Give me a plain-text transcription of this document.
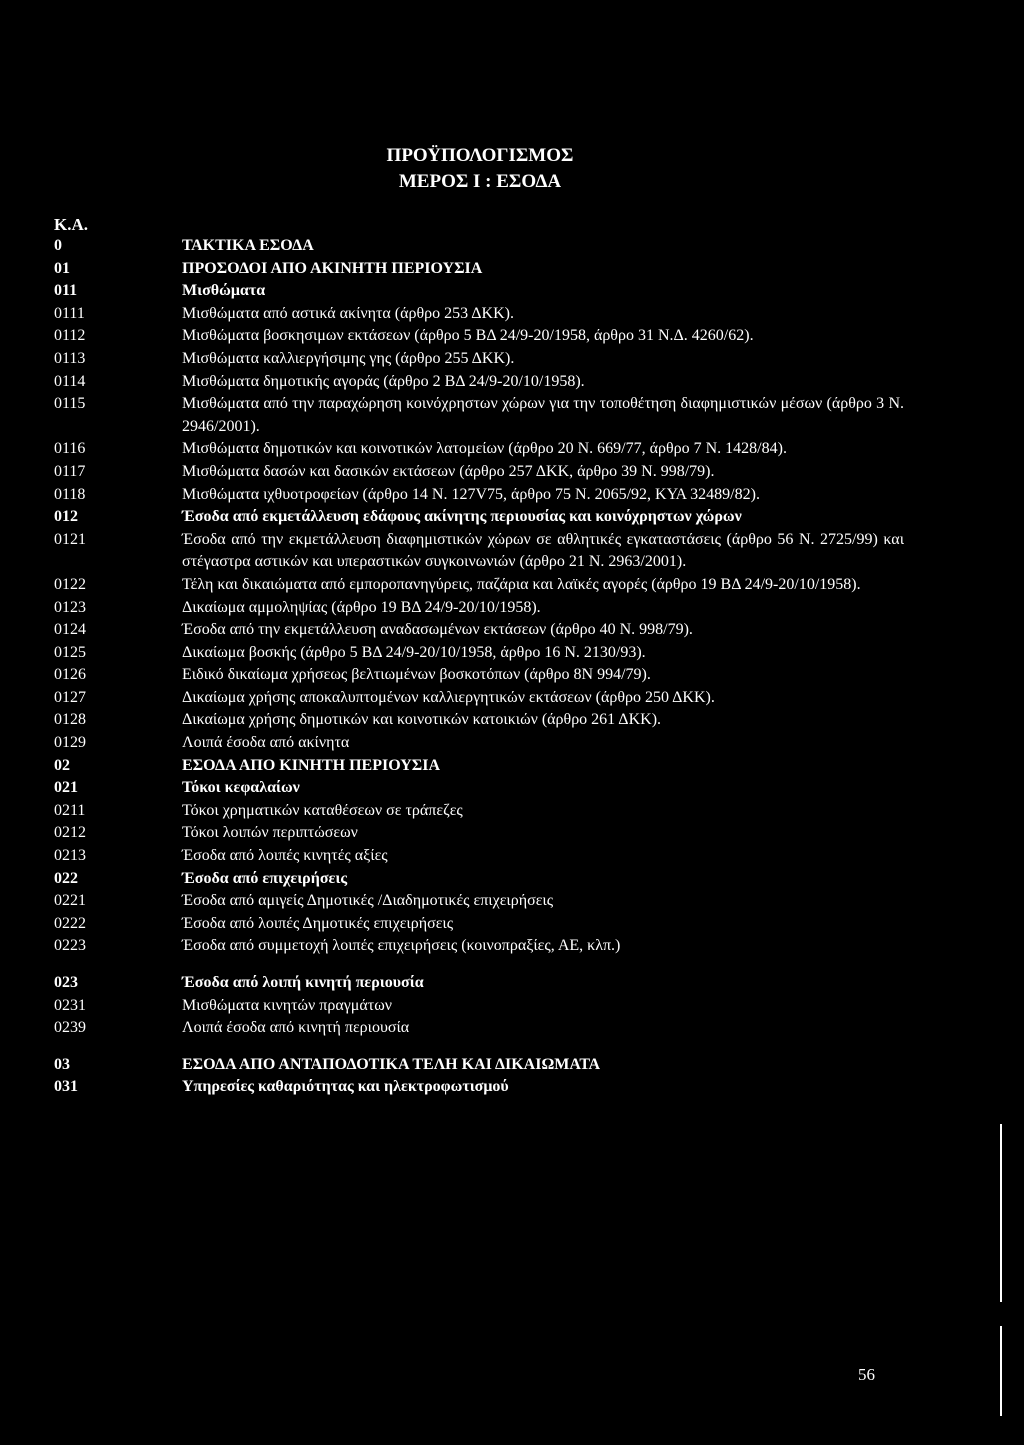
ΠΡΟΫΠΟΛΟΓΙΣΜΟΣ
ΜΕΡΟΣ Ι : ΕΣΟΔΑ
Κ.Α.
0	ΤΑΚΤΙΚΑ ΕΣΟΔΑ
01	ΠΡΟΣΟΔΟΙ ΑΠΟ ΑΚΙΝΗΤΗ ΠΕΡΙΟΥΣΙΑ
011	Μισθώματα
0111	Μισθώματα από αστικά ακίνητα (άρθρο 253 ΔΚΚ).
0112	Μισθώματα βοσκησιμων εκτάσεων (άρθρο 5 ΒΔ 24/9-20/1958, άρθρο 31 Ν.Δ. 4260/62).
0113	Μισθώματα καλλιεργήσιμης γης (άρθρο 255 ΔΚΚ).
0114	Μισθώματα δημοτικής αγοράς (άρθρο 2 ΒΔ 24/9-20/10/1958).
0115	Μισθώματα από την παραχώρηση κοινόχρηστων χώρων για την τοποθέτηση διαφημιστικών μέσων (άρθρο 3 Ν. 2946/2001).
0116	Μισθώματα δημοτικών και κοινοτικών λατομείων (άρθρο 20 Ν. 669/77, άρθρο 7 Ν. 1428/84).
0117	Μισθώματα δασών και δασικών εκτάσεων (άρθρο 257 ΔΚΚ, άρθρο 39 Ν. 998/79).
0118	Μισθώματα ιχθυοτροφείων (άρθρο 14 Ν. 127V75, άρθρο 75 Ν. 2065/92, ΚΥΑ 32489/82).
012	Έσοδα από εκμετάλλευση εδάφους ακίνητης περιουσίας και κοινόχρηστων χώρων
0121	Έσοδα από την εκμετάλλευση διαφημιστικών χώρων σε αθλητικές εγκαταστάσεις (άρθρο 56 Ν. 2725/99) και στέγαστρα αστικών και υπεραστικών συγκοινωνιών (άρθρο 21 Ν. 2963/2001).
0122	Τέλη και δικαιώματα από εμποροπανηγύρεις, παζάρια και λαϊκές αγορές (άρθρο 19 ΒΔ 24/9-20/10/1958).
0123	Δικαίωμα αμμοληψίας (άρθρο 19 ΒΔ 24/9-20/10/1958).
0124	Έσοδα από την εκμετάλλευση αναδασωμένων εκτάσεων (άρθρο 40 Ν. 998/79).
0125	Δικαίωμα βοσκής (άρθρο 5 ΒΔ 24/9-20/10/1958, άρθρο 16 Ν. 2130/93).
0126	Ειδικό δικαίωμα χρήσεως βελτιωμένων βοσκοτόπων (άρθρο 8Ν 994/79).
0127	Δικαίωμα χρήσης αποκαλυπτομένων καλλιεργητικών εκτάσεων (άρθρο 250 ΔΚΚ).
0128	Δικαίωμα χρήσης δημοτικών και κοινοτικών κατοικιών (άρθρο 261 ΔΚΚ).
0129	Λοιπά έσοδα από ακίνητα
02	ΕΣΟΔΑ ΑΠΟ ΚΙΝΗΤΗ ΠΕΡΙΟΥΣΙΑ
021	Τόκοι κεφαλαίων
0211	Τόκοι χρηματικών καταθέσεων σε τράπεζες
0212	Τόκοι λοιπών περιπτώσεων
0213	Έσοδα από λοιπές κινητές αξίες
022	Έσοδα από επιχειρήσεις
0221	Έσοδα από αμιγείς Δημοτικές /Διαδημοτικές επιχειρήσεις
0222	Έσοδα από λοιπές Δημοτικές επιχειρήσεις
0223	Έσοδα από συμμετοχή λοιπές επιχειρήσεις (κοινοπραξίες, ΑΕ, κλπ.)
023	Έσοδα από λοιπή κινητή περιουσία
0231	Μισθώματα κινητών πραγμάτων
0239	Λοιπά έσοδα από κινητή περιουσία
03	ΕΣΟΔΑ ΑΠΟ ΑΝΤΑΠΟΔΟΤΙΚΑ ΤΕΛΗ ΚΑΙ ΔΙΚΑΙΩΜΑΤΑ
031	Υπηρεσίες καθαριότητας και ηλεκτροφωτισμού
56
